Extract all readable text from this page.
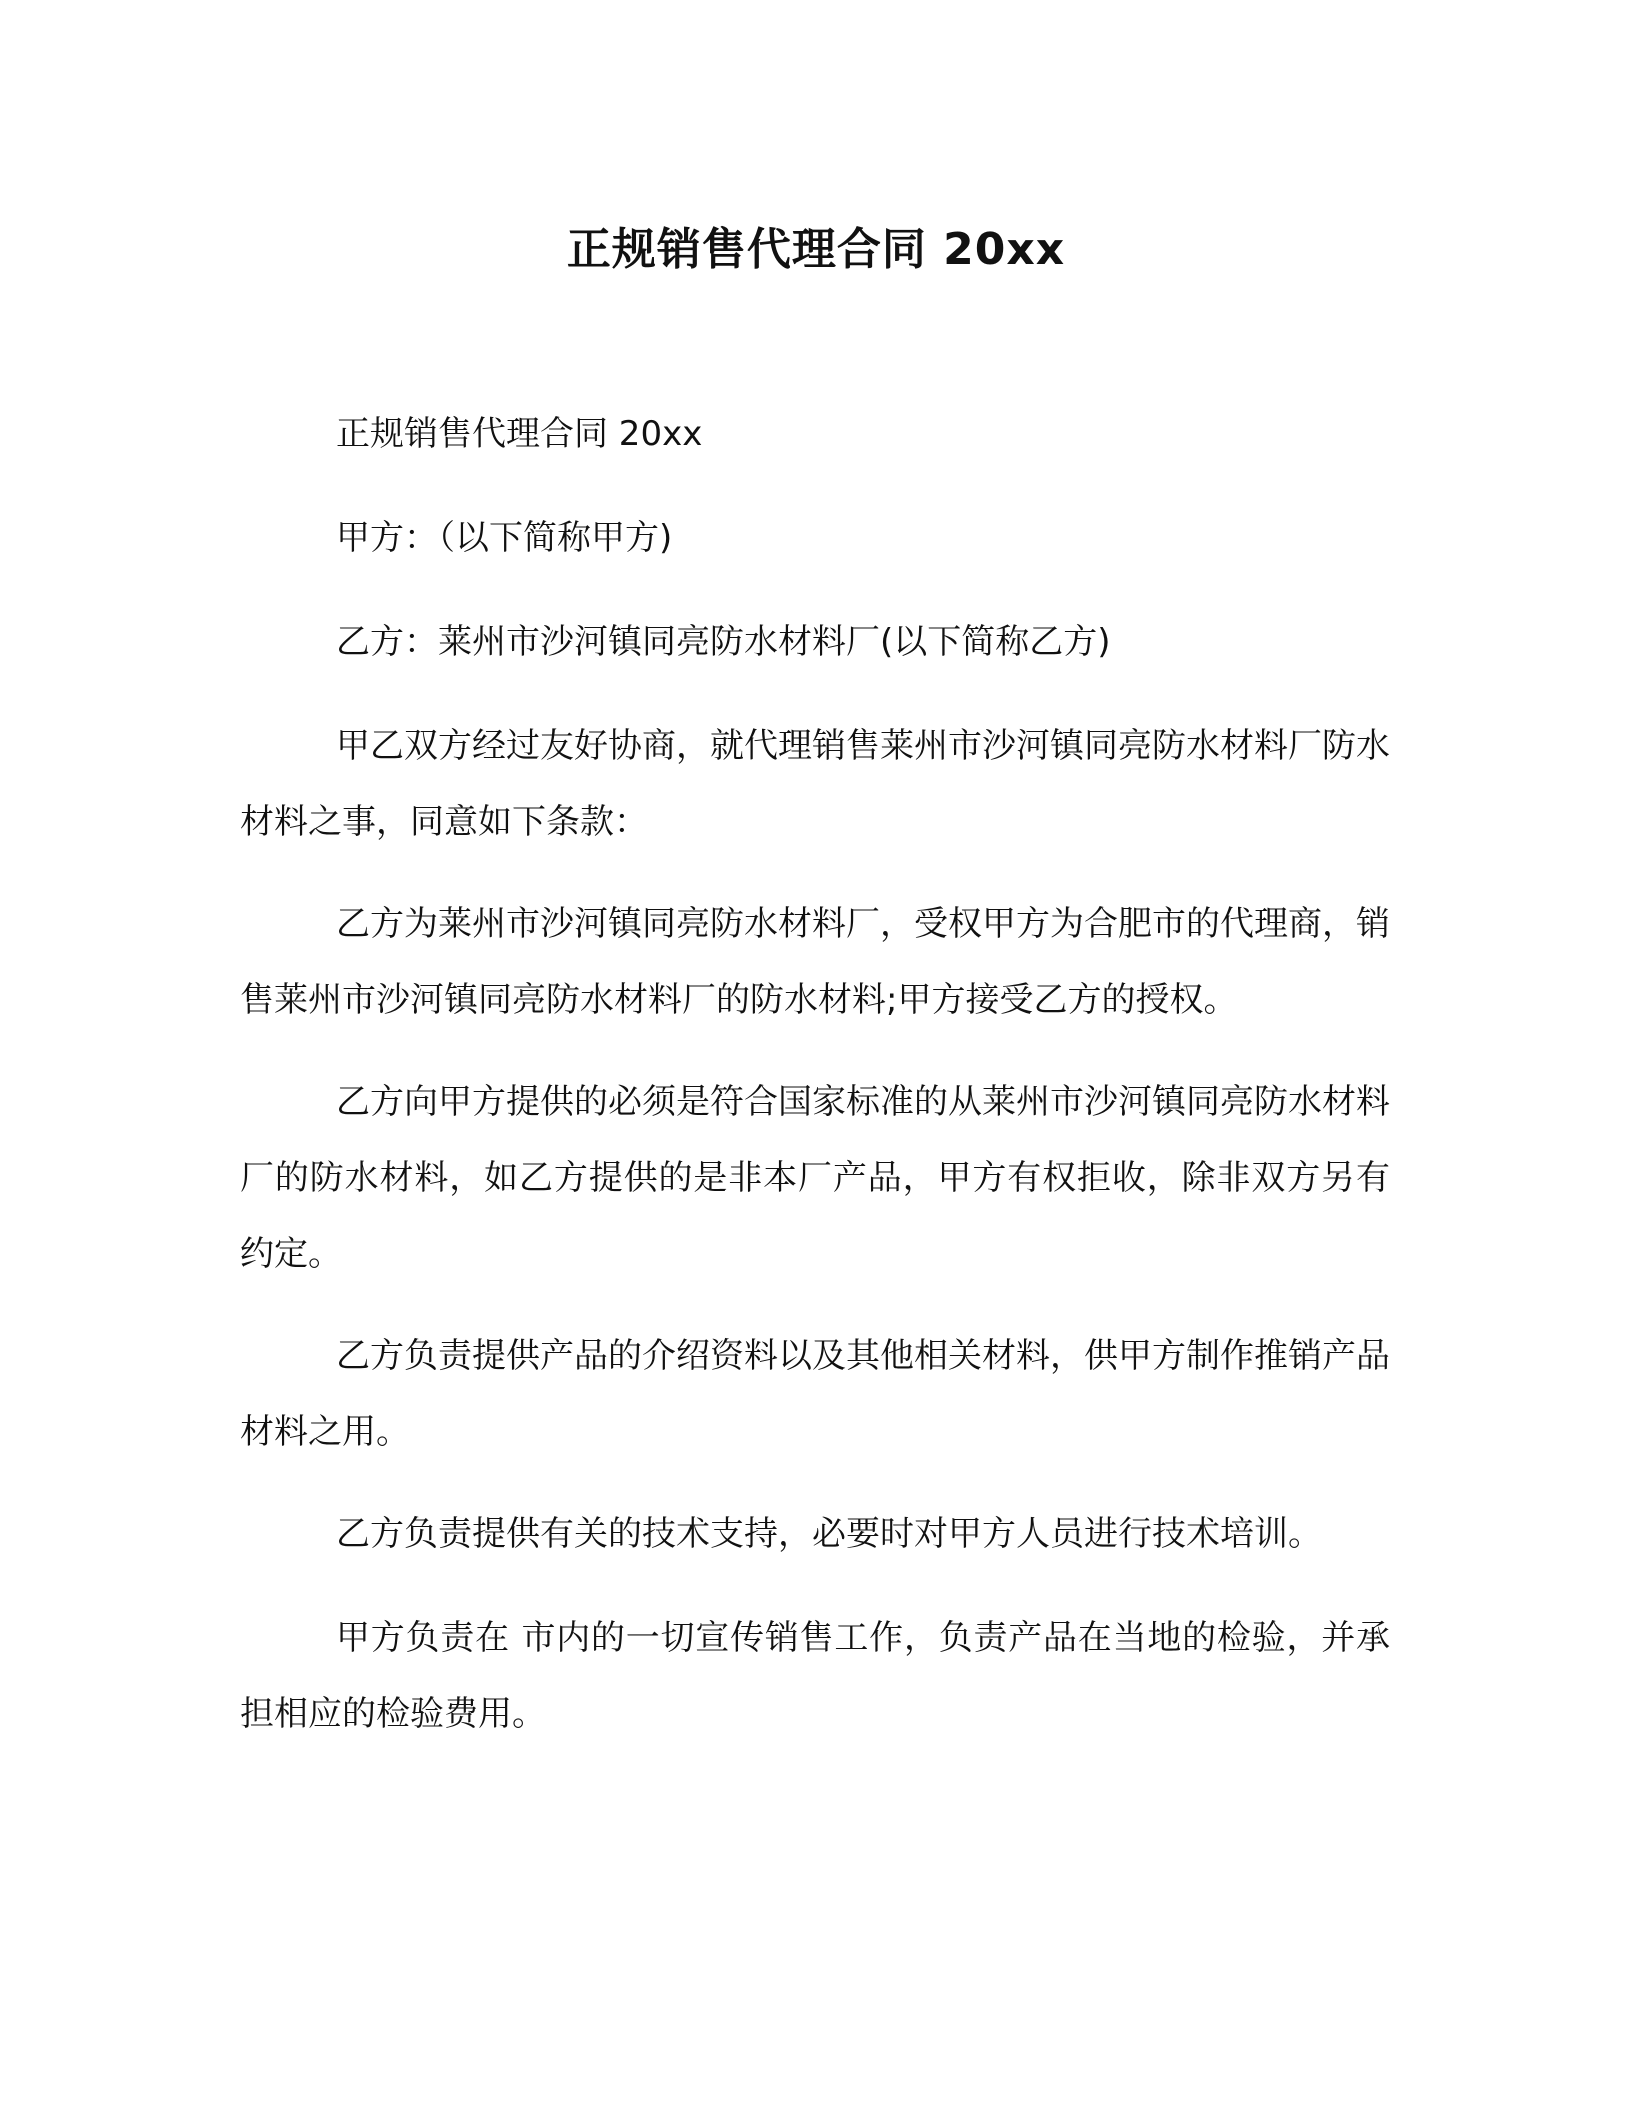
正规销售代理合同 20xx

正规销售代理合同 20xx

甲方：（以下简称甲方)

乙方：莱州市沙河镇同亮防水材料厂(以下简称乙方)

甲乙双方经过友好协商，就代理销售莱州市沙河镇同亮防水材料厂防水材料之事，同意如下条款：

乙方为莱州市沙河镇同亮防水材料厂，受权甲方为合肥市的代理商，销售莱州市沙河镇同亮防水材料厂的防水材料;甲方接受乙方的授权。

乙方向甲方提供的必须是符合国家标准的从莱州市沙河镇同亮防水材料厂的防水材料，如乙方提供的是非本厂产品，甲方有权拒收，除非双方另有约定。

乙方负责提供产品的介绍资料以及其他相关材料，供甲方制作推销产品材料之用。

乙方负责提供有关的技术支持，必要时对甲方人员进行技术培训。

甲方负责在 市内的一切宣传销售工作，负责产品在当地的检验，并承担相应的检验费用。
